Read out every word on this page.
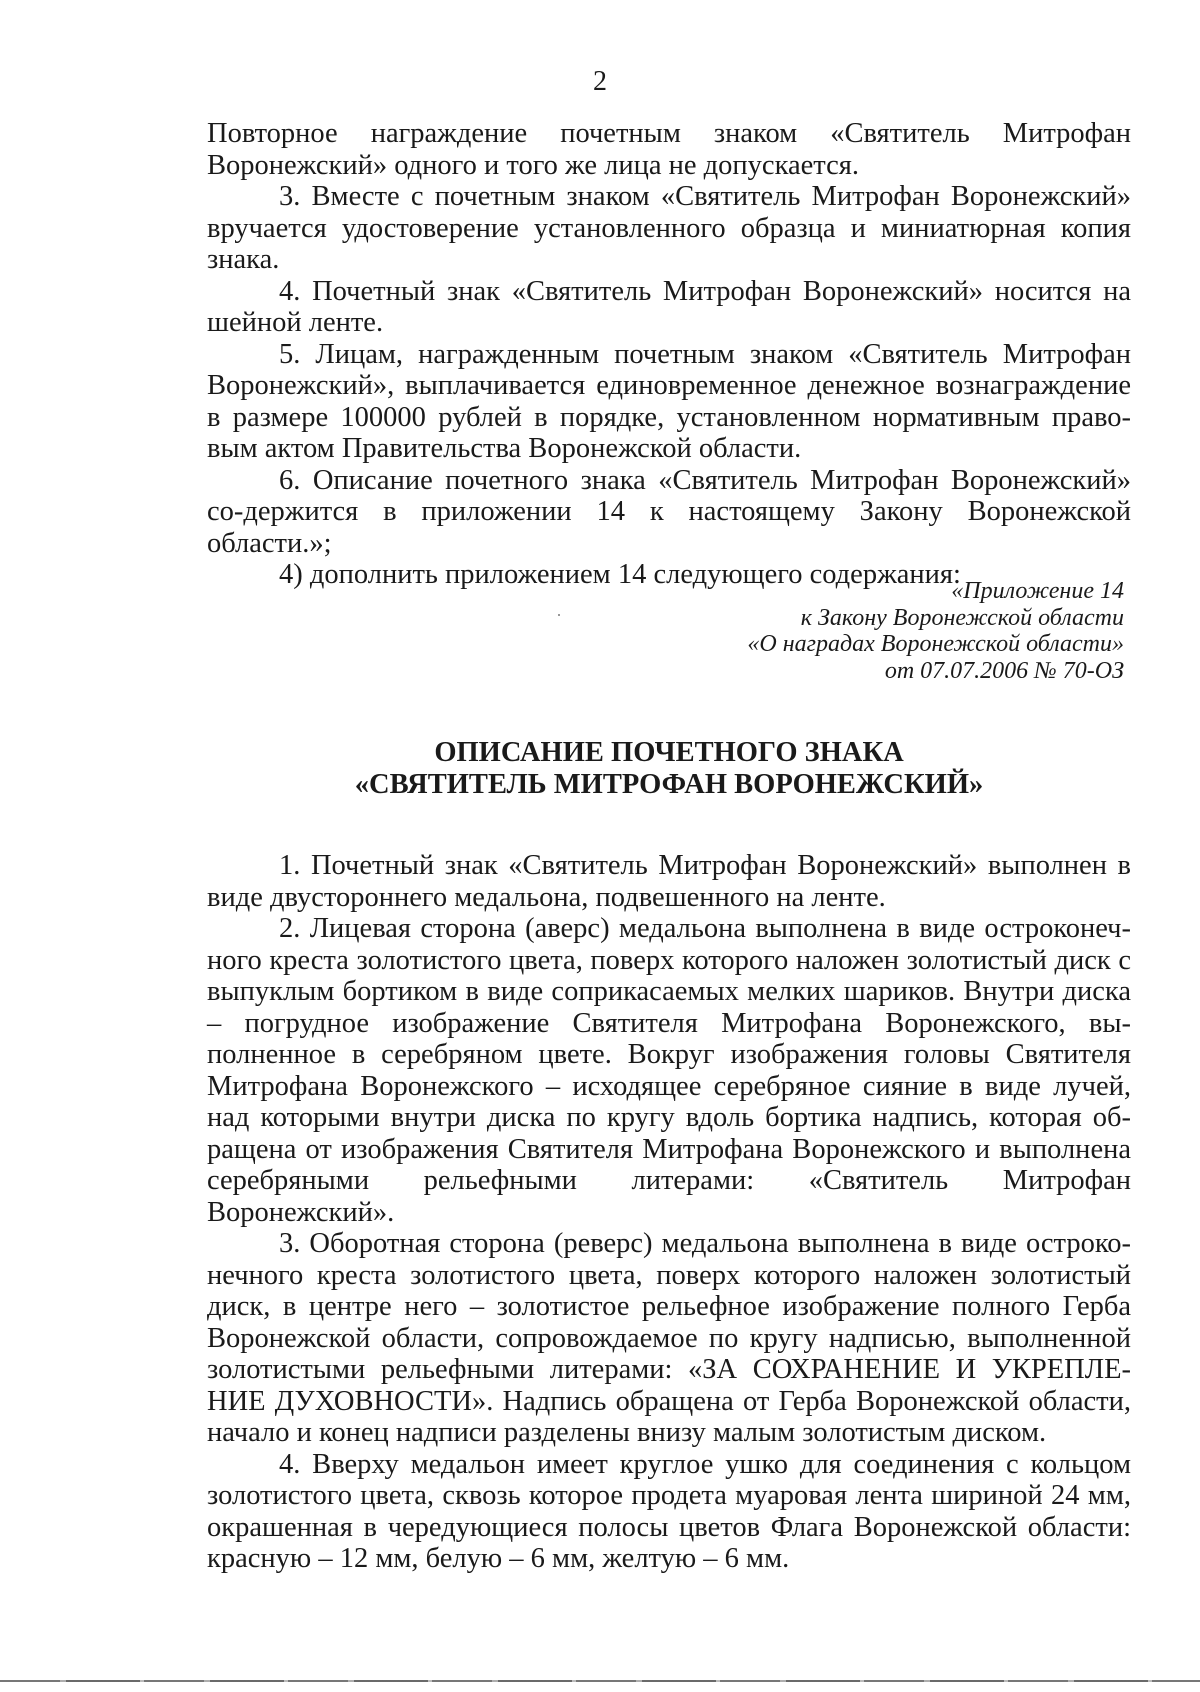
2

Повторное награждение почетным знаком «Святитель Митрофан Воронежский» одного и того же лица не допускается.

3. Вместе с почетным знаком «Святитель Митрофан Воронежский» вручается удостоверение установленного образца и миниатюрная копия знака.

4. Почетный знак «Святитель Митрофан Воронежский» носится на шейной ленте.

5. Лицам, награжденным почетным знаком «Святитель Митрофан Воронежский», выплачивается единовременное денежное вознаграждение в размере 100000 рублей в порядке, установленном нормативным право-вым актом Правительства Воронежской области.

6. Описание почетного знака «Святитель Митрофан Воронежский» со-держится в приложении 14 к настоящему Закону Воронежской области.»;

4) дополнить приложением 14 следующего содержания:

«Приложение 14
к Закону Воронежской области
«О наградах Воронежской области»
от 07.07.2006 № 70-ОЗ
ОПИСАНИЕ ПОЧЕТНОГО ЗНАКА
«СВЯТИТЕЛЬ МИТРОФАН ВОРОНЕЖСКИЙ»

1. Почетный знак «Святитель Митрофан Воронежский» выполнен в виде двустороннего медальона, подвешенного на ленте.

2. Лицевая сторона (аверс) медальона выполнена в виде остроконеч-ного креста золотистого цвета, поверх которого наложен золотистый диск с выпуклым бортиком в виде соприкасаемых мелких шариков. Внутри диска – погрудное изображение Святителя Митрофана Воронежского, вы-полненное в серебряном цвете. Вокруг изображения головы Святителя Митрофана Воронежского – исходящее серебряное сияние в виде лучей, над которыми внутри диска по кругу вдоль бортика надпись, которая об-ращена от изображения Святителя Митрофана Воронежского и выполнена серебряными рельефными литерами: «Святитель Митрофан Воронежский».

3. Оборотная сторона (реверс) медальона выполнена в виде остроко-нечного креста золотистого цвета, поверх которого наложен золотистый диск, в центре него – золотистое рельефное изображение полного Герба Воронежской области, сопровождаемое по кругу надписью, выполненной золотистыми рельефными литерами: «ЗА СОХРАНЕНИЕ И УКРЕПЛЕ-НИЕ ДУХОВНОСТИ». Надпись обращена от Герба Воронежской области, начало и конец надписи разделены внизу малым золотистым диском.

4. Вверху медальон имеет круглое ушко для соединения с кольцом золотистого цвета, сквозь которое продета муаровая лента шириной 24 мм, окрашенная в чередующиеся полосы цветов Флага Воронежской области: красную – 12 мм, белую – 6 мм, желтую – 6 мм.
